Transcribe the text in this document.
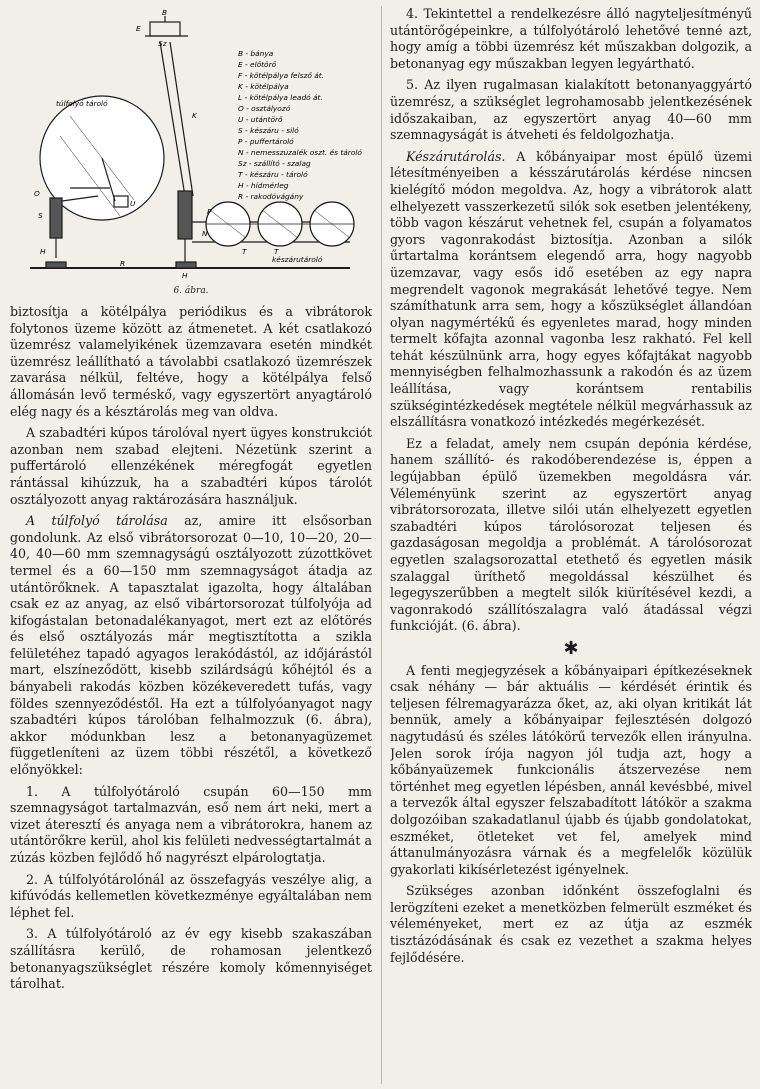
B
E
Sz
K
O
U
S
H
H
R
P
N
T	T
túlfolyó tároló
készárutároló
B - bánya
E - előtörő
F - kötélpálya felsző át.
K - kötélpálya
L - kötélpálya leadó át.
O - osztályozó
U - utántörő
S - készáru - siló
P - puffertároló
N - nemesszuzalék oszt. és tároló
Sz - szállító - szalag
T - készáru - tároló
H - hídmérleg
R - rakodóvágány
6. ábra.

biztosítja a kötélpálya periódikus és a vibrátorok folytonos üzeme között az átmenetet. A két csatlakozó üzemrész valamelyikének üzemzavara esetén mindkét üzemrész leállítható a távolabbi csatlakozó üzemrészek zavarása nélkül, feltéve, hogy a kötélpálya felső állomásán levő terméskő, vagy egyszertört anyagtároló elég nagy és a késztárolás meg van oldva.

A szabadtéri kúpos tárolóval nyert ügyes konstrukciót azonban nem szabad elejteni. Nézetünk szerint a puffertároló ellenzékének méregfogát egyetlen rántással kihúzzuk, ha a szabadtéri kúpos tárolót osztályozott anyag raktározására használjuk.

A túlfolyó tárolása az, amire itt elsősorban gondolunk. Az első vibrátorsorozat 0—10, 10—20, 20—40, 40—60 mm szemnagyságú osztályozott zúzottkövet termel és a 60—150 mm szemnagyságot átadja az utántörőknek. A tapasztalat igazolta, hogy általában csak ez az anyag, az első vibártorsorozat túlfolyója ad kifogástalan betonadalékanyagot, mert ezt az előtörés és első osztályozás már megtisztította a szikla felületéhez tapadó agyagos lerakódástól, az időjárástól mart, elszíneződött, kisebb szilárdságú kőhéjtól és a bányabeli rakodás közben közékeveredett tufás, vagy földes szennyeződéstől. Ha ezt a túlfolyóanyagot nagy szabadtéri kúpos tárolóban felhalmozzuk (6. ábra), akkor módunkban lesz a betonanyagüzemet függetleníteni az üzem többi részétől, a következő előnyökkel:

1. A túlfolyótároló csupán 60—150 mm szemnagyságot tartalmazván, eső nem árt neki, mert a vizet áteresztí és anyaga nem a vibrátorokra, hanem az utántörőkre kerül, ahol kis felületi nedvességtartalmát a zúzás közben fejlődő hő nagyrészt elpárologtatja.

2. A túlfolyótárolónál az összefagyás veszélye alig, a kifúvódás kellemetlen következménye egyáltalában nem léphet fel.

3. A túlfolyótároló az év egy kisebb szakaszában szállításra kerülő, de rohamosan jelentkező betonanyagszükséglet részére komoly kőmennyiséget tárolhat.

4. Tekintettel a rendelkezésre álló nagyteljesítményű utántörőgépeinkre, a túlfolyótároló lehetővé tenné azt, hogy amíg a többi üzemrész két műszakban dolgozik, a betonanyag egy műszakban legyen legyártható.

5. Az ilyen rugalmasan kialakított betonanyaggyártó üzemrész, a szükséglet legrohamosabb jelentkezésének időszakaiban, az egyszertört anyag 40—60 mm szemnagyságát is átveheti és feldolgozhatja.

Készárutárolás. A kőbányaipar most épülő üzemi létesítményeiben a késszárutárolás kérdése nincsen kielégítő módon megoldva. Az, hogy a vibrátorok alatt elhelyezett vasszerkezetű silók sok esetben jelentékeny, több vagon készárut vehetnek fel, csupán a folyamatos gyors vagonrakodást biztosítja. Azonban a silók űrtartalma korántsem elegendő arra, hogy nagyobb üzemzavar, vagy esős idő esetében az egy napra megrendelt vagonok megrakását lehetővé tegye. Nem számíthatunk arra sem, hogy a kőszükséglet állandóan olyan nagymértékű és egyenletes marad, hogy minden termelt kőfajta azonnal vagonba lesz rakható. Fel kell tehát készülnünk arra, hogy egyes kőfajtákat nagyobb mennyiségben felhalmozhassunk a rakodón és az üzem leállítása, vagy korántsem rentabilis szükségintézkedések megtétele nélkül megvárhassuk az elszállításra vonatkozó intézkedés megérkezését.

Ez a feladat, amely nem csupán depónia kérdése, hanem szállító- és rakodóberendezése is, éppen a legújabban épülő üzemekben megoldásra vár. Véleményünk szerint az egyszertört anyag vibrátorsorozata, illetve silói után elhelyezett egyetlen szabadtéri kúpos tárolósorozat teljesen és gazdaságosan megoldja a problémát. A tárolósorozat egyetlen szalagsorozattal etethető és egyetlen másik szalaggal üríthető megoldással készülhet és legegyszerűbben a megtelt silók kiürítésével kezdi, a vagonrakodó szállítószalagra való átadással végzi funkcióját. (6. ábra).

✱

A fenti megjegyzések a kőbányaipari építkezéseknek csak néhány — bár aktuális — kérdését érintik és teljesen félremagyarázza őket, az, aki olyan kritikát lát bennük, amely a kőbányaipar fejlesztésén dolgozó nagytudású és széles látókörű tervezők ellen irányulna. Jelen sorok írója nagyon jól tudja azt, hogy a kőbányaüzemek funkcionális átszervezése nem történhet meg egyetlen lépésben, annál kevésbbé, mivel a tervezők által egyszer felszabadított látókör a szakma dolgozóiban szakadatlanul újabb és újabb gondolatokat, eszméket, ötleteket vet fel, amelyek mind áttanulmányozásra várnak és a megfelelők közülük gyakorlati kikísérletezést igényelnek.

Szükséges azonban időnként összefoglalni és lerögzíteni ezeket a menetközben felmerült eszméket és véleményeket, mert ez az útja az eszmék tisztázódásának és csak ez vezethet a szakma helyes fejlődésére.
